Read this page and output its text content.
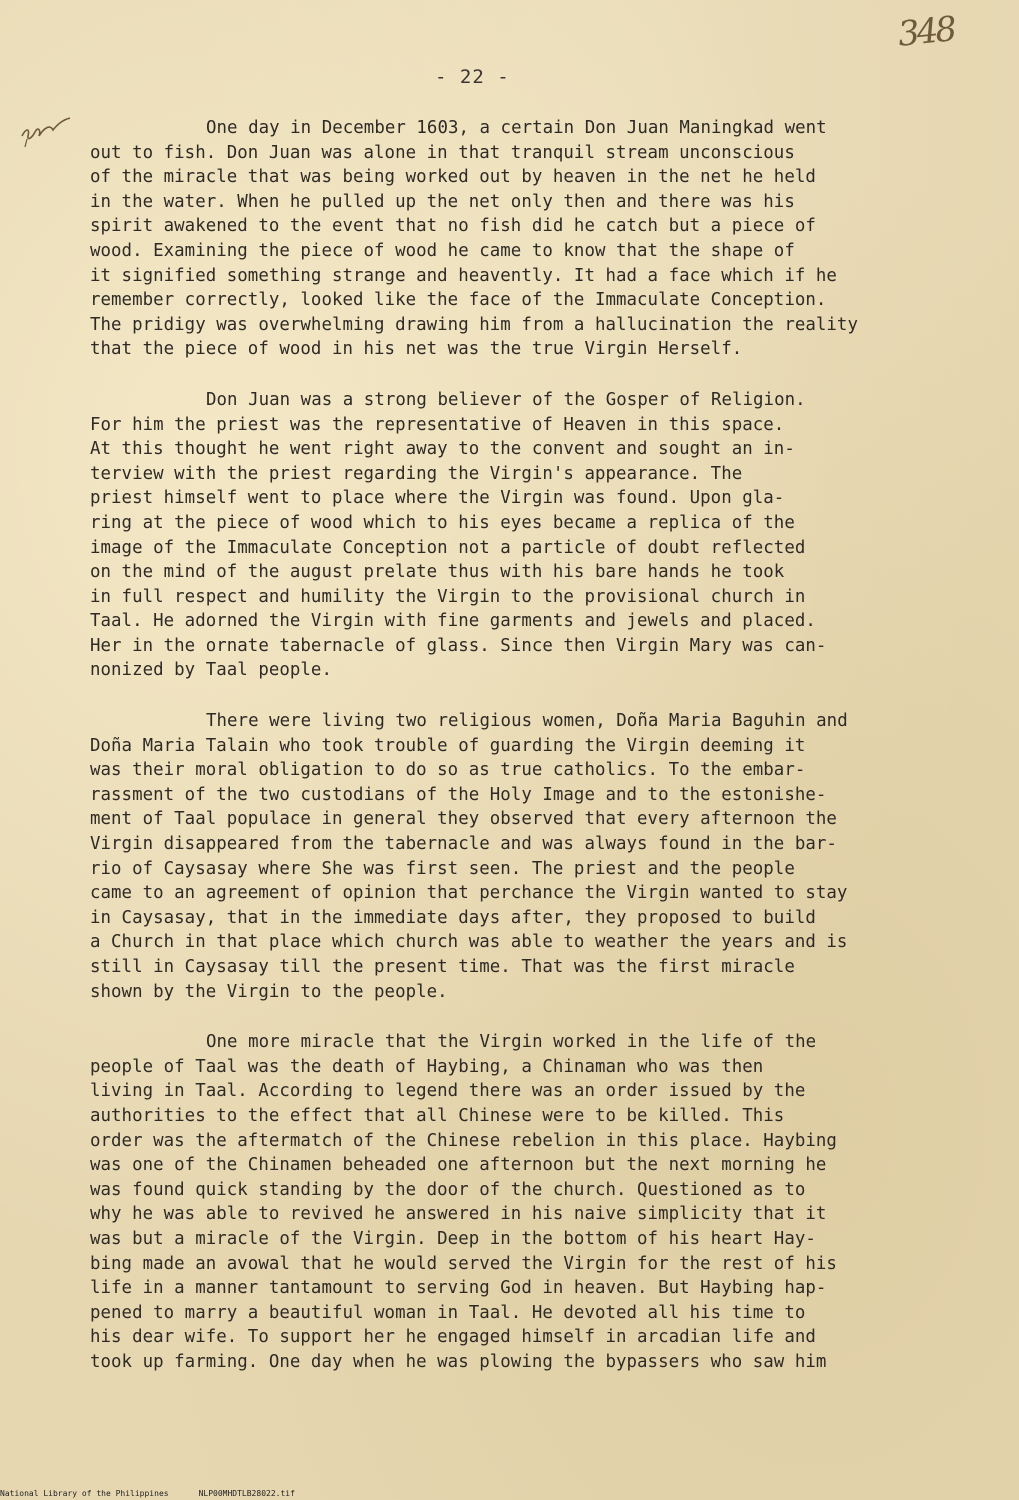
- 22 -
348
One day in December 1603, a certain Don Juan Maningkad went
out to fish. Don Juan was alone in that tranquil stream unconscious
of the miracle that was being worked out by heaven in the net he held
in the water. When he pulled up the net only then and there was his
spirit awakened to the event that no fish did he catch but a piece of
wood. Examining the piece of wood he came to know that the shape of
it signified something strange and heavently. It had a face which if he
remember correctly, looked like the face of the Immaculate Conception.
The pridigy was overwhelming drawing him from a hallucination the reality
that the piece of wood in his net was the true Virgin Herself.
Don Juan was a strong believer of the Gosper of Religion.
For him the priest was the representative of Heaven in this space.
At this thought he went right away to the convent and sought an in-
terview with the priest regarding the Virgin's appearance. The
priest himself went to place where the Virgin was found. Upon gla-
ring at the piece of wood which to his eyes became a replica of the
image of the Immaculate Conception not a particle of doubt reflected
on the mind of the august prelate thus with his bare hands he took
in full respect and humility the Virgin to the provisional church in
Taal. He adorned the Virgin with fine garments and jewels and placed.
Her in the ornate tabernacle of glass. Since then Virgin Mary was can-
nonized by Taal people.
There were living two religious women, Doña Maria Baguhin and
Doña Maria Talain who took trouble of guarding the Virgin deeming it
was their moral obligation to do so as true catholics. To the embar-
rassment of the two custodians of the Holy Image and to the estonishe-
ment of Taal populace in general they observed that every afternoon the
Virgin disappeared from the tabernacle and was always found in the bar-
rio of Caysasay where She was first seen. The priest and the people
came to an agreement of opinion that perchance the Virgin wanted to stay
in Caysasay, that in the immediate days after, they proposed to build
a Church in that place which church was able to weather the years and is
still in Caysasay till the present time. That was the first miracle
shown by the Virgin to the people.
One more miracle that the Virgin worked in the life of the
people of Taal was the death of Haybing, a Chinaman who was then
living in Taal. According to legend there was an order issued by the
authorities to the effect that all Chinese were to be killed. This
order was the aftermatch of the Chinese rebelion in this place. Haybing
was one of the Chinamen beheaded one afternoon but the next morning he
was found quick standing by the door of the church. Questioned as to
why he was able to revived he answered in his naive simplicity that it
was but a miracle of the Virgin. Deep in the bottom of his heart Hay-
bing made an avowal that he would served the Virgin for the rest of his
life in a manner tantamount to serving God in heaven. But Haybing hap-
pened to marry a beautiful woman in Taal. He devoted all his time to
his dear wife. To support her he engaged himself in arcadian life and
took up farming. One day when he was plowing the bypassers who saw him
National Library of the Philippines	NLP00MHDTLB28022.tif
